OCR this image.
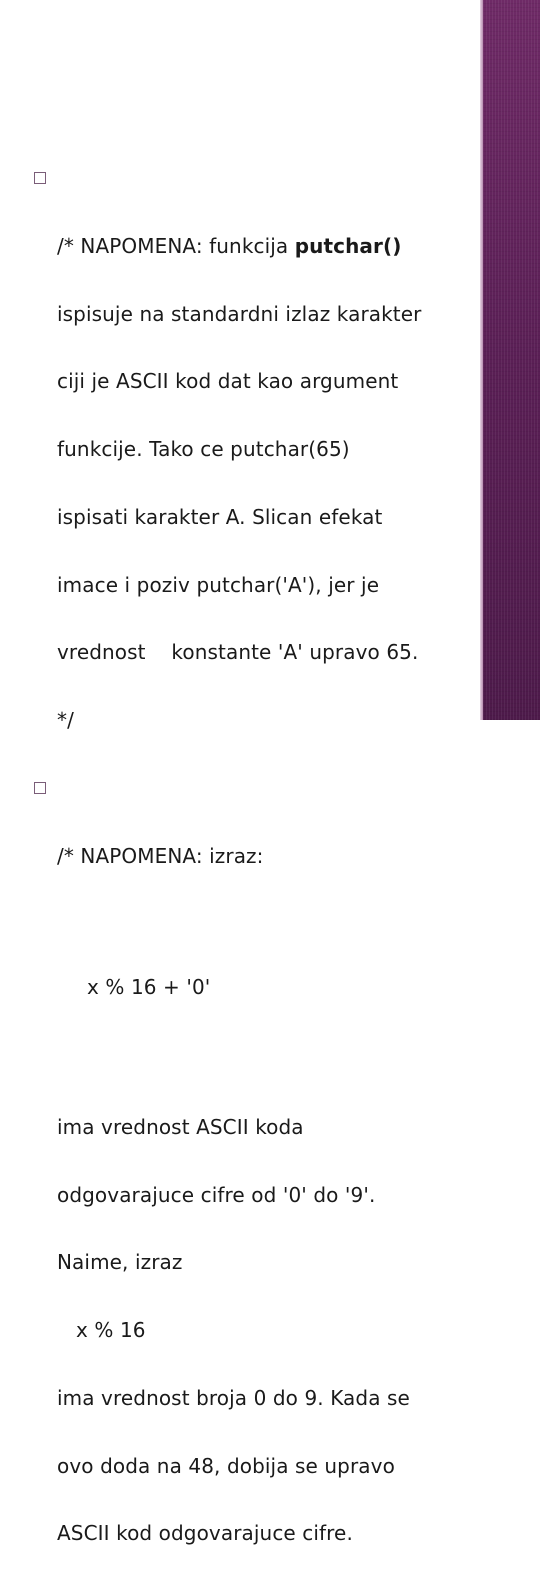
/* NAPOMENA: funkcija putchar()

ispisuje na standardni izlaz karakter

ciji je ASCII kod dat kao argument

funkcije. Tako ce putchar(65)

ispisati karakter A. Slican efekat

imace i poziv putchar('A'), jer je

vrednost    konstante 'A' upravo 65.

*/

/* NAPOMENA: izraz:

x % 16 + '0'

ima vrednost ASCII koda

odgovarajuce cifre od '0' do '9'.

Naime, izraz

x % 16

ima vrednost broja 0 do 9. Kada se

ovo doda na 48, dobija se upravo

ASCII kod odgovarajuce cifre.
